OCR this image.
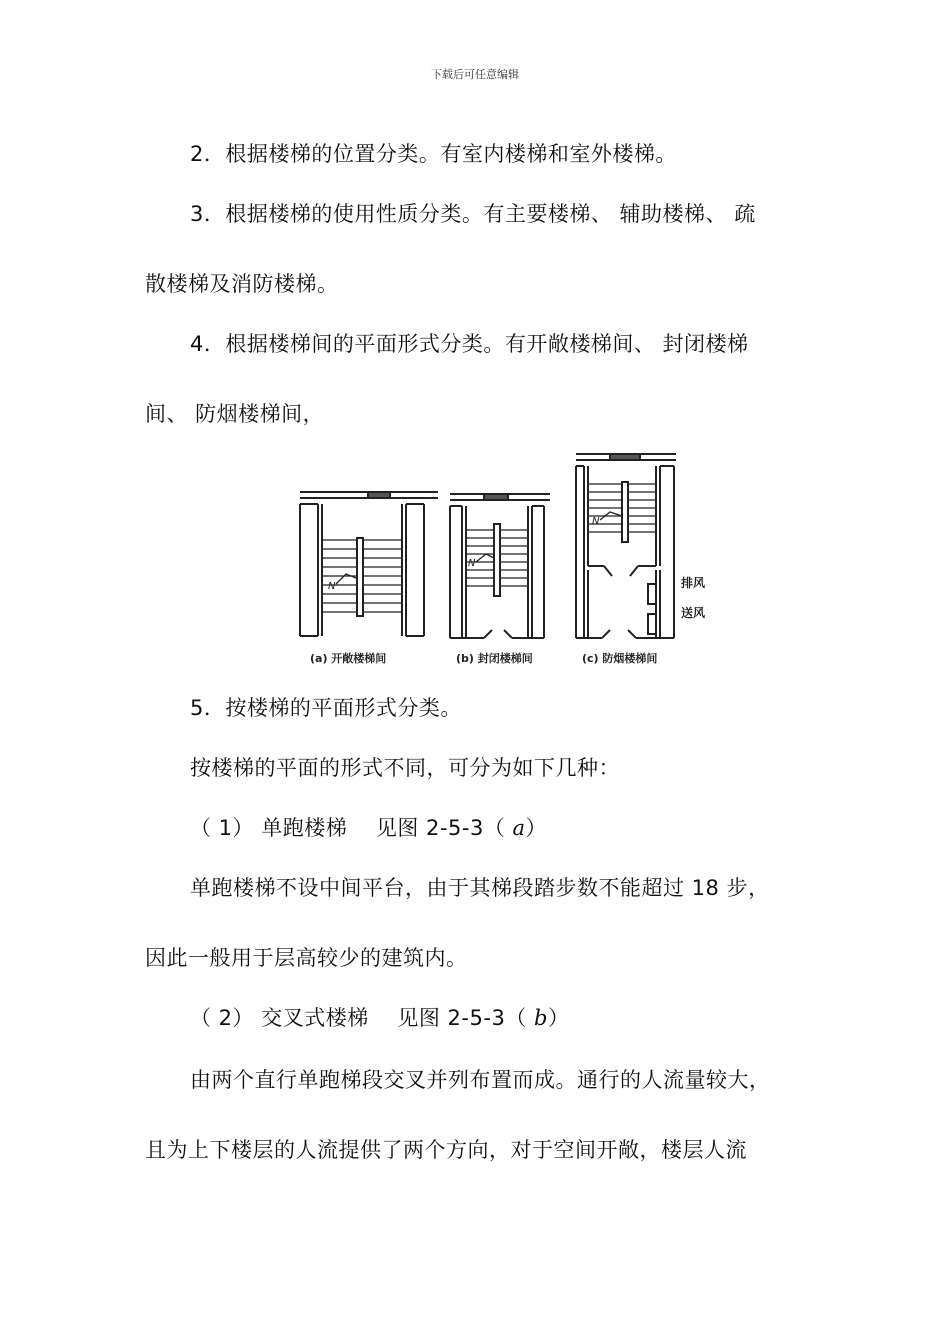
下载后可任意编辑
2．根据楼梯的位置分类。有室内楼梯和室外楼梯。
3．根据楼梯的使用性质分类。有主要楼梯、 辅助楼梯、 疏
散楼梯及消防楼梯。
4．根据楼梯间的平面形式分类。有开敞楼梯间、 封闭楼梯
间、 防烟楼梯间，
(a) 开敞楼梯间	(b) 封闭楼梯间	(c) 防烟楼梯间
排风
送风
N
N
N
5．按楼梯的平面形式分类。
按楼梯的平面的形式不同，可分为如下几种：
（ 1） 单跑楼梯 　见图 2-5-3（ a）
单跑楼梯不设中间平台，由于其梯段踏步数不能超过 18 步，
因此一般用于层高较少的建筑内。
（ 2） 交叉式楼梯 　见图 2-5-3（ b）
由两个直行单跑梯段交叉并列布置而成。通行的人流量较大，
且为上下楼层的人流提供了两个方向，对于空间开敞，楼层人流
